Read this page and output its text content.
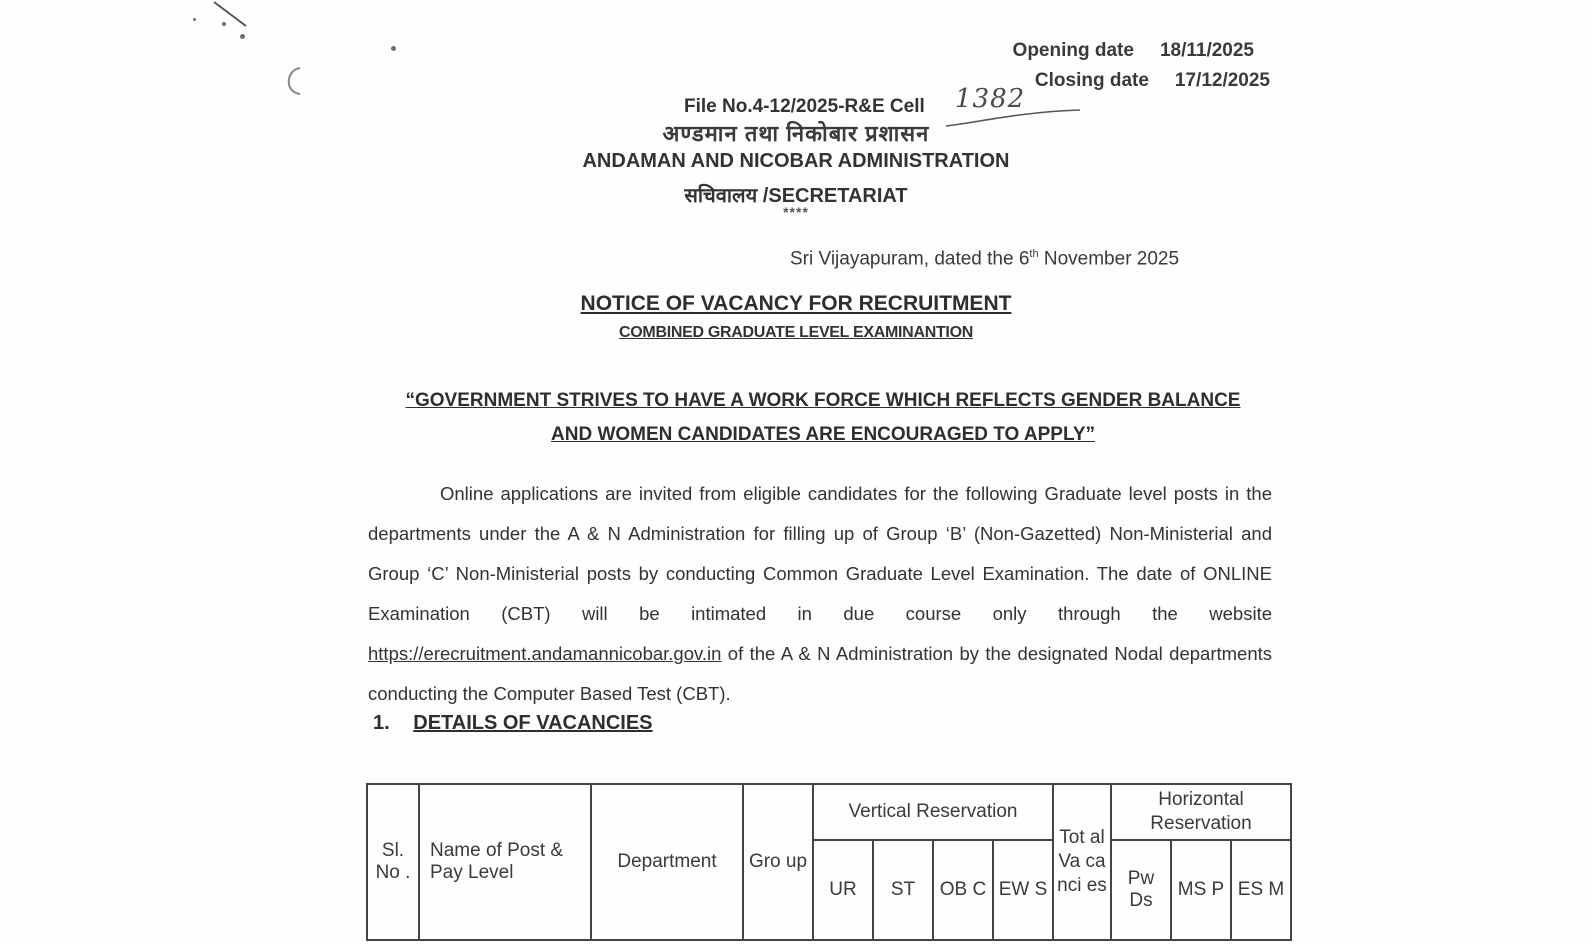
Opening date 18/11/2025
Closing date 17/12/2025
File No.4-12/2025-R&E Cell 1382
अण्डमान तथा निकोबार प्रशासन
ANDAMAN AND NICOBAR ADMINISTRATION
सचिवालय /SECRETARIAT
****
Sri Vijayapuram, dated the 6th November 2025
NOTICE OF VACANCY FOR RECRUITMENT
COMBINED GRADUATE LEVEL EXAMINANTION
“GOVERNMENT STRIVES TO HAVE A WORK FORCE WHICH REFLECTS GENDER BALANCE
AND WOMEN CANDIDATES ARE ENCOURAGED TO APPLY”
Online applications are invited from eligible candidates for the following Graduate level posts in the departments under the A & N Administration for filling up of Group ‘B’ (Non-Gazetted) Non-Ministerial and Group ‘C’ Non-Ministerial posts by conducting Common Graduate Level Examination. The date of ONLINE Examination (CBT) will be intimated in due course only through the website https://erecruitment.andamannicobar.gov.in of the A & N Administration by the designated Nodal departments conducting the Computer Based Test (CBT).
1. DETAILS OF VACANCIES
Sl. No .	Name of Post & Pay Level	Department	Gro up	Vertical Reservation				Tot al Va ca nci es	Horizontal Reservation		
				UR	ST	OB C	EW S		Pw Ds	MS P	ES M
